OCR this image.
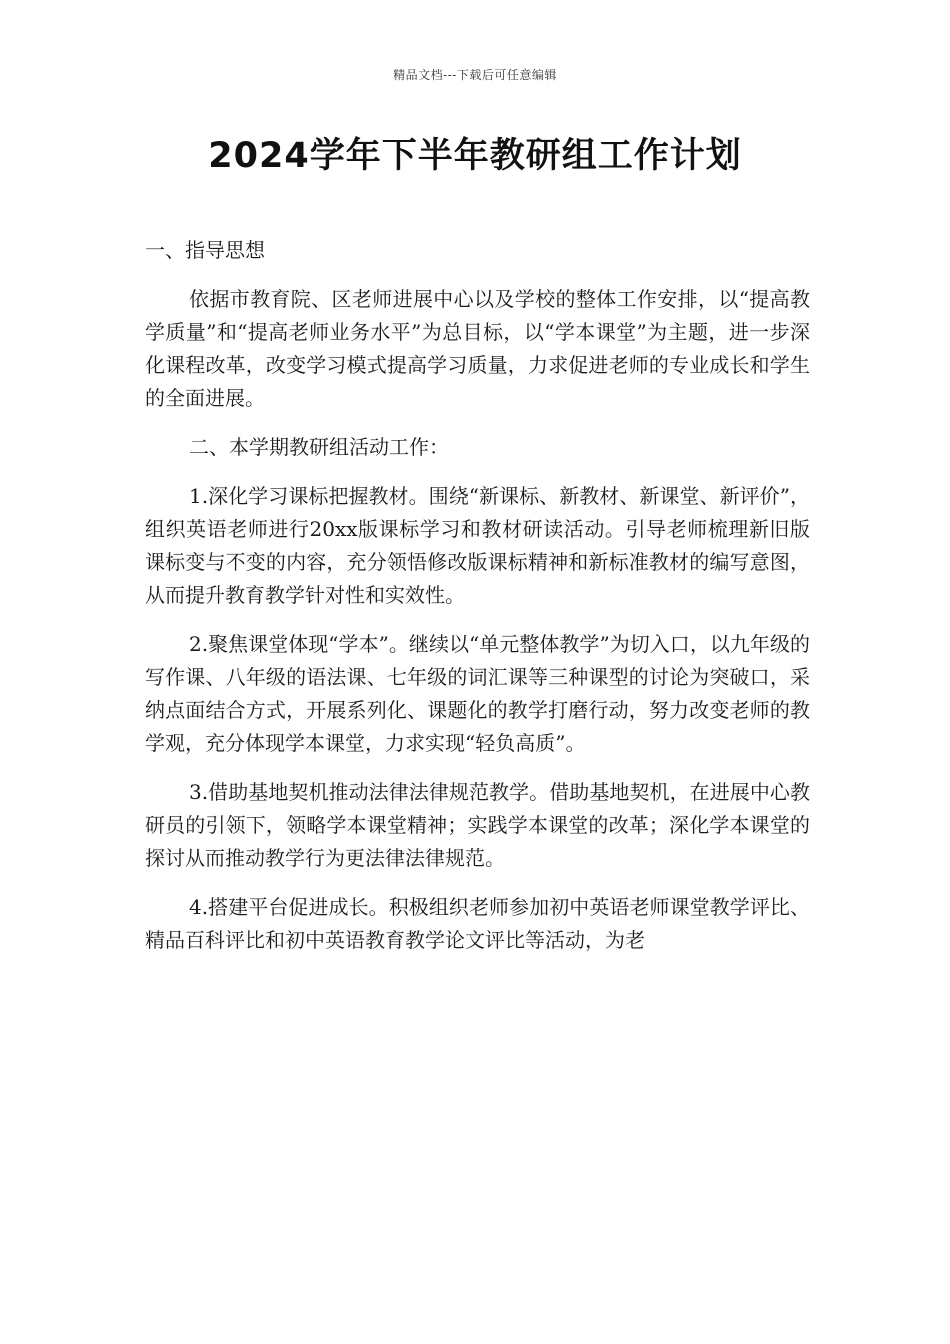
精品文档---下载后可任意编辑
2024学年下半年教研组工作计划

一、指导思想

依据市教育院、区老师进展中心以及学校的整体工作安排，以“提高教学质量”和“提高老师业务水平”为总目标，以“学本课堂”为主题，进一步深化课程改革，改变学习模式提高学习质量，力求促进老师的专业成长和学生的全面进展。

二、本学期教研组活动工作：

1.深化学习课标把握教材。围绕“新课标、新教材、新课堂、新评价”，组织英语老师进行20xx版课标学习和教材研读活动。引导老师梳理新旧版课标变与不变的内容，充分领悟修改版课标精神和新标准教材的编写意图，从而提升教育教学针对性和实效性。

2.聚焦课堂体现“学本”。继续以“单元整体教学”为切入口，以九年级的写作课、八年级的语法课、七年级的词汇课等三种课型的讨论为突破口，采纳点面结合方式，开展系列化、课题化的教学打磨行动，努力改变老师的教学观，充分体现学本课堂，力求实现“轻负高质”。

3.借助基地契机推动法律法律规范教学。借助基地契机，在进展中心教研员的引领下，领略学本课堂精神；实践学本课堂的改革；深化学本课堂的探讨从而推动教学行为更法律法律规范。

4.搭建平台促进成长。积极组织老师参加初中英语老师课堂教学评比、精品百科评比和初中英语教育教学论文评比等活动，为老
